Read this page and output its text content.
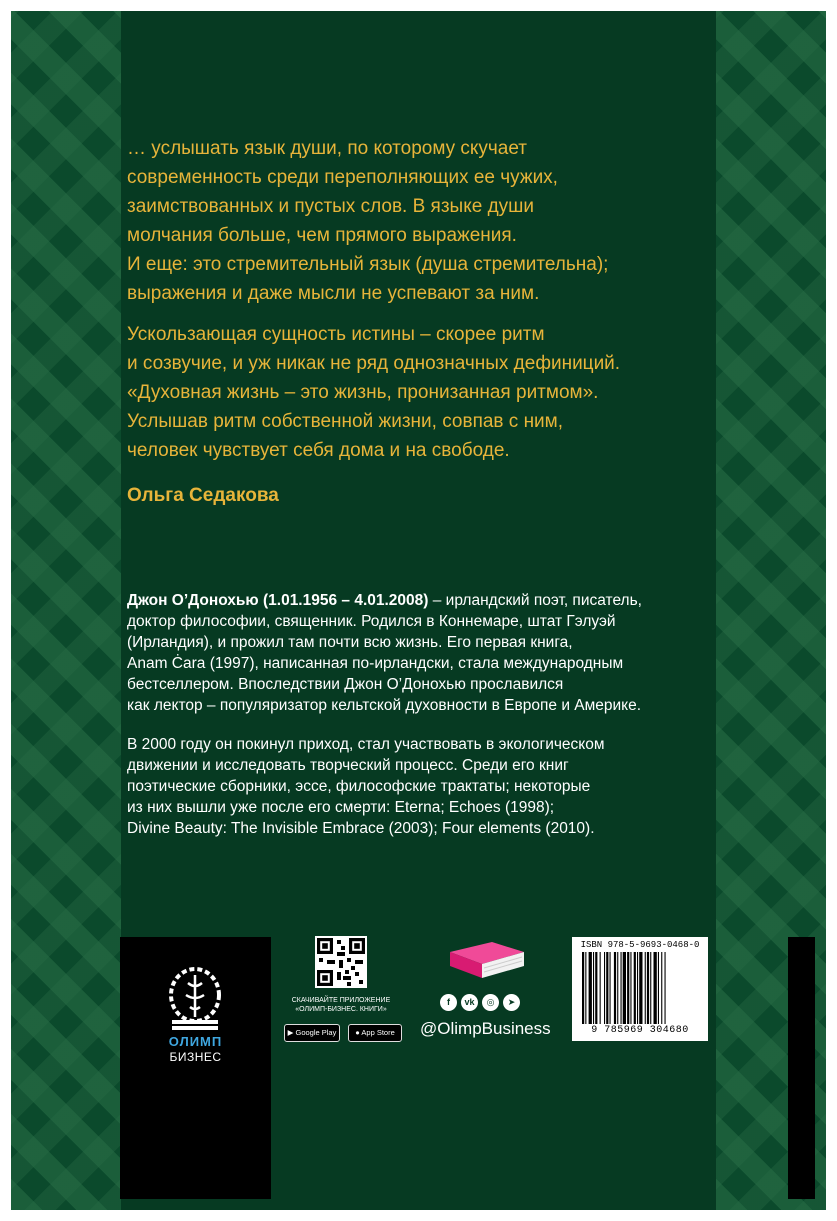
… услышать язык души, по которому скучает
современность среди переполняющих ее чужих,
заимствованных и пустых слов. В языке души
молчания больше, чем прямого выражения.
И еще: это стремительный язык (душа стремительна);
выражения и даже мысли не успевают за ним.

Ускользающая сущность истины – скорее ритм
и созвучие, и уж никак не ряд однозначных дефиниций.
«Духовная жизнь – это жизнь, пронизанная ритмом».
Услышав ритм собственной жизни, совпав с ним,
человек чувствует себя дома и на свободе.

Ольга Седакова

Джон О’Донохью (1.01.1956 – 4.01.2008) – ирландский поэт, писатель,
доктор философии, священник. Родился в Коннемаре, штат Гэлуэй
(Ирландия), и прожил там почти всю жизнь. Его первая книга,
Anam Ċara (1997), написанная по-ирландски, стала международным
бестселлером. Впоследствии Джон О’Донохью прославился
как лектор – популяризатор кельтской духовности в Европе и Америке.

В 2000 году он покинул приход, стал участвовать в экологическом
движении и исследовать творческий процесс. Среди его книг
поэтические сборники, эссе, философские трактаты; некоторые
из них вышли уже после его смерти: Eterna; Echoes (1998);
Divine Beauty: The Invisible Embrace (2003); Four elements (2010).

ОЛИМП
БИЗНЕС
СКАЧИВАЙТЕ ПРИЛОЖЕНИЕ
«ОЛИМП-БИЗНЕС. КНИГИ»
▶ Google Play	● App Store
f	vk	◎	➤
@OlimpBusiness
ISBN 978-5-9693-0468-0
9 785969 304680
